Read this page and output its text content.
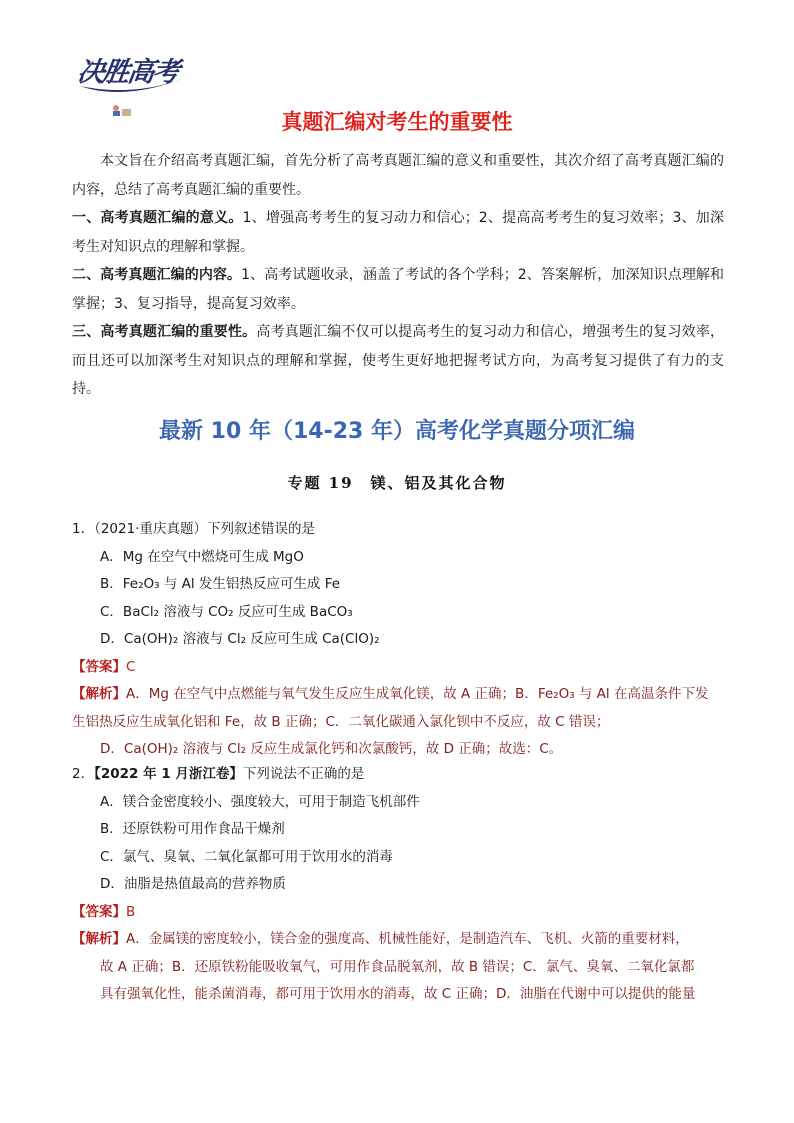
决胜高考
真题汇编对考生的重要性
本文旨在介绍高考真题汇编，首先分析了高考真题汇编的意义和重要性，其次介绍了高考真题汇编的内容，总结了高考真题汇编的重要性。
一、高考真题汇编的意义。1、增强高考考生的复习动力和信心；2、提高高考考生的复习效率；3、加深考生对知识点的理解和掌握。
二、高考真题汇编的内容。1、高考试题收录，涵盖了考试的各个学科；2、答案解析，加深知识点理解和掌握；3、复习指导，提高复习效率。
三、高考真题汇编的重要性。高考真题汇编不仅可以提高考生的复习动力和信心，增强考生的复习效率，而且还可以加深考生对知识点的理解和掌握，使考生更好地把握考试方向，为高考复习提供了有力的支持。
最新 10 年（14-23 年）高考化学真题分项汇编
专题 19　镁、铝及其化合物
1．（2021·重庆真题）下列叙述错误的是
A．Mg 在空气中燃烧可生成 MgO
B．Fe₂O₃ 与 Al 发生铝热反应可生成 Fe
C．BaCl₂ 溶液与 CO₂ 反应可生成 BaCO₃
D．Ca(OH)₂ 溶液与 Cl₂ 反应可生成 Ca(ClO)₂
【答案】C
【解析】A．Mg 在空气中点燃能与氧气发生反应生成氧化镁，故 A 正确；B．Fe₂O₃ 与 Al 在高温条件下发
生铝热反应生成氧化铝和 Fe，故 B 正确；C．二氧化碳通入氯化钡中不反应，故 C 错误；
D．Ca(OH)₂ 溶液与 Cl₂ 反应生成氯化钙和次氯酸钙，故 D 正确；故选：C。
2．【2022 年 1 月浙江卷】下列说法不正确的是
A．镁合金密度较小、强度较大，可用于制造飞机部件
B．还原铁粉可用作食品干燥剂
C．氯气、臭氧、二氧化氯都可用于饮用水的消毒
D．油脂是热值最高的营养物质
【答案】B
【解析】A．金属镁的密度较小，镁合金的强度高、机械性能好，是制造汽车、飞机、火箭的重要材料，
故 A 正确；B．还原铁粉能吸收氧气，可用作食品脱氧剂，故 B 错误；C．氯气、臭氧、二氧化氯都
具有强氧化性，能杀菌消毒，都可用于饮用水的消毒，故 C 正确；D．油脂在代谢中可以提供的能量
